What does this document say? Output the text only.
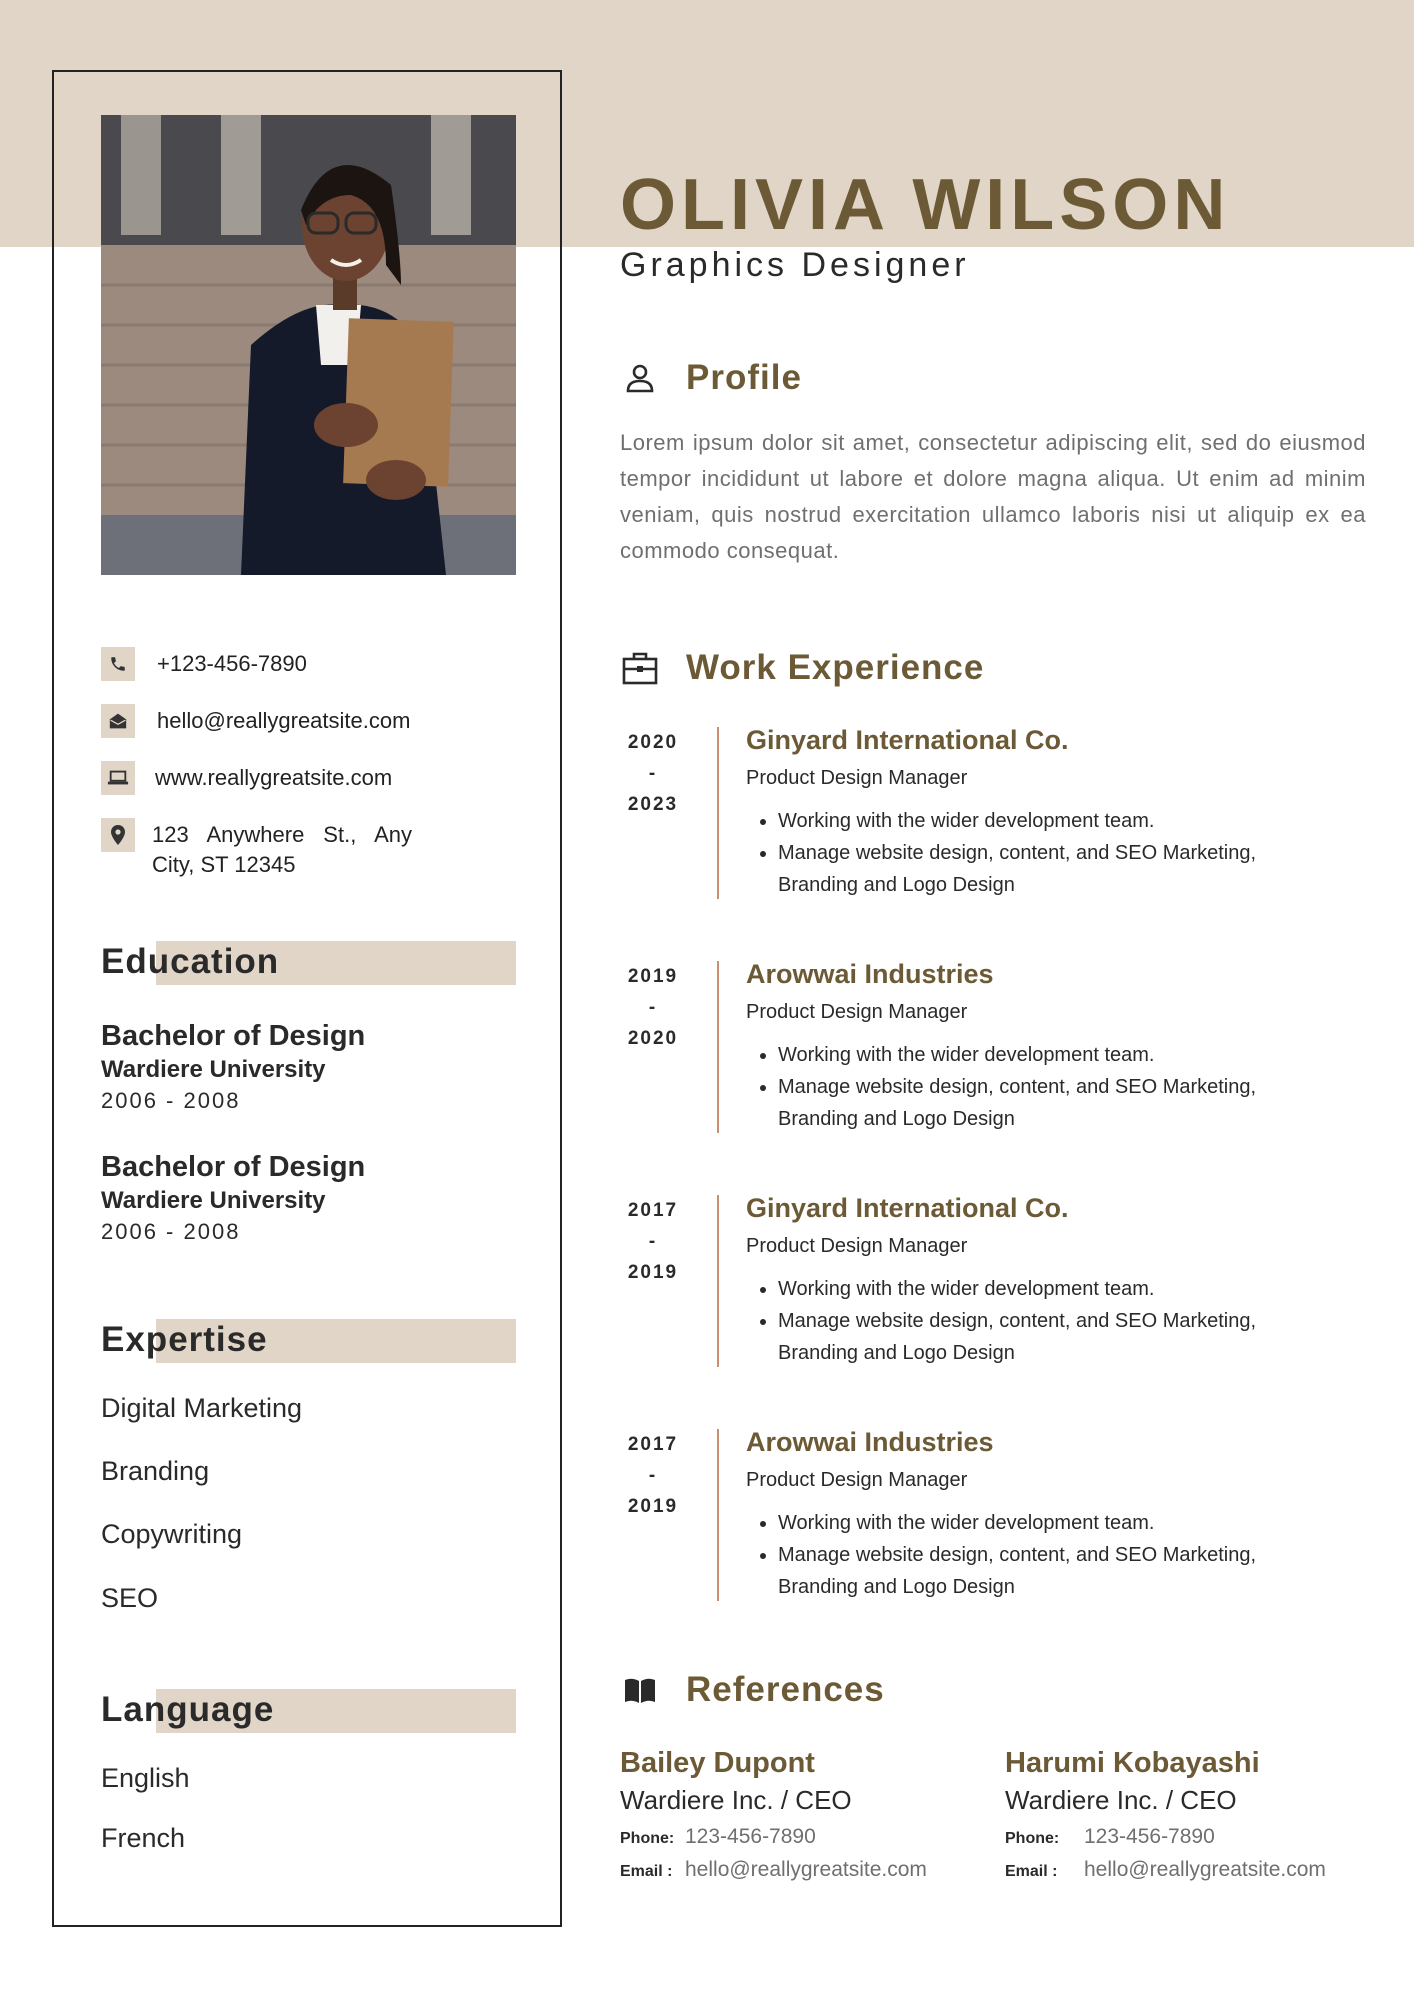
+123-456-7890
hello@reallygreatsite.com
www.reallygreatsite.com
123 Anywhere St., Any City, ST 12345
Education
Bachelor of Design
Wardiere University
2006 - 2008
Bachelor of Design
Wardiere University
2006 - 2008
Expertise
Digital Marketing
Branding
Copywriting
SEO
Language
English
French
OLIVIA WILSON
Graphics Designer
Profile
Lorem ipsum dolor sit amet, consectetur adipiscing elit, sed do eiusmod tempor incididunt ut labore et dolore magna aliqua. Ut enim ad minim veniam, quis nostrud exercitation ullamco laboris nisi ut aliquip ex ea commodo consequat.
Work Experience
2020
-
2023
Ginyard International Co.
Product Design Manager
• Working with the wider development team.
• Manage website design, content, and SEO Marketing, Branding and Logo Design
2019
-
2020
Arowwai Industries
Product Design Manager
• Working with the wider development team.
• Manage website design, content, and SEO Marketing, Branding and Logo Design
2017
-
2019
Ginyard International Co.
Product Design Manager
• Working with the wider development team.
• Manage website design, content, and SEO Marketing, Branding and Logo Design
2017
-
2019
Arowwai Industries
Product Design Manager
• Working with the wider development team.
• Manage website design, content, and SEO Marketing, Branding and Logo Design
References
Bailey Dupont
Wardiere Inc. / CEO
Phone: 123-456-7890
Email : hello@reallygreatsite.com
Harumi Kobayashi
Wardiere Inc. / CEO
Phone: 123-456-7890
Email : hello@reallygreatsite.com
